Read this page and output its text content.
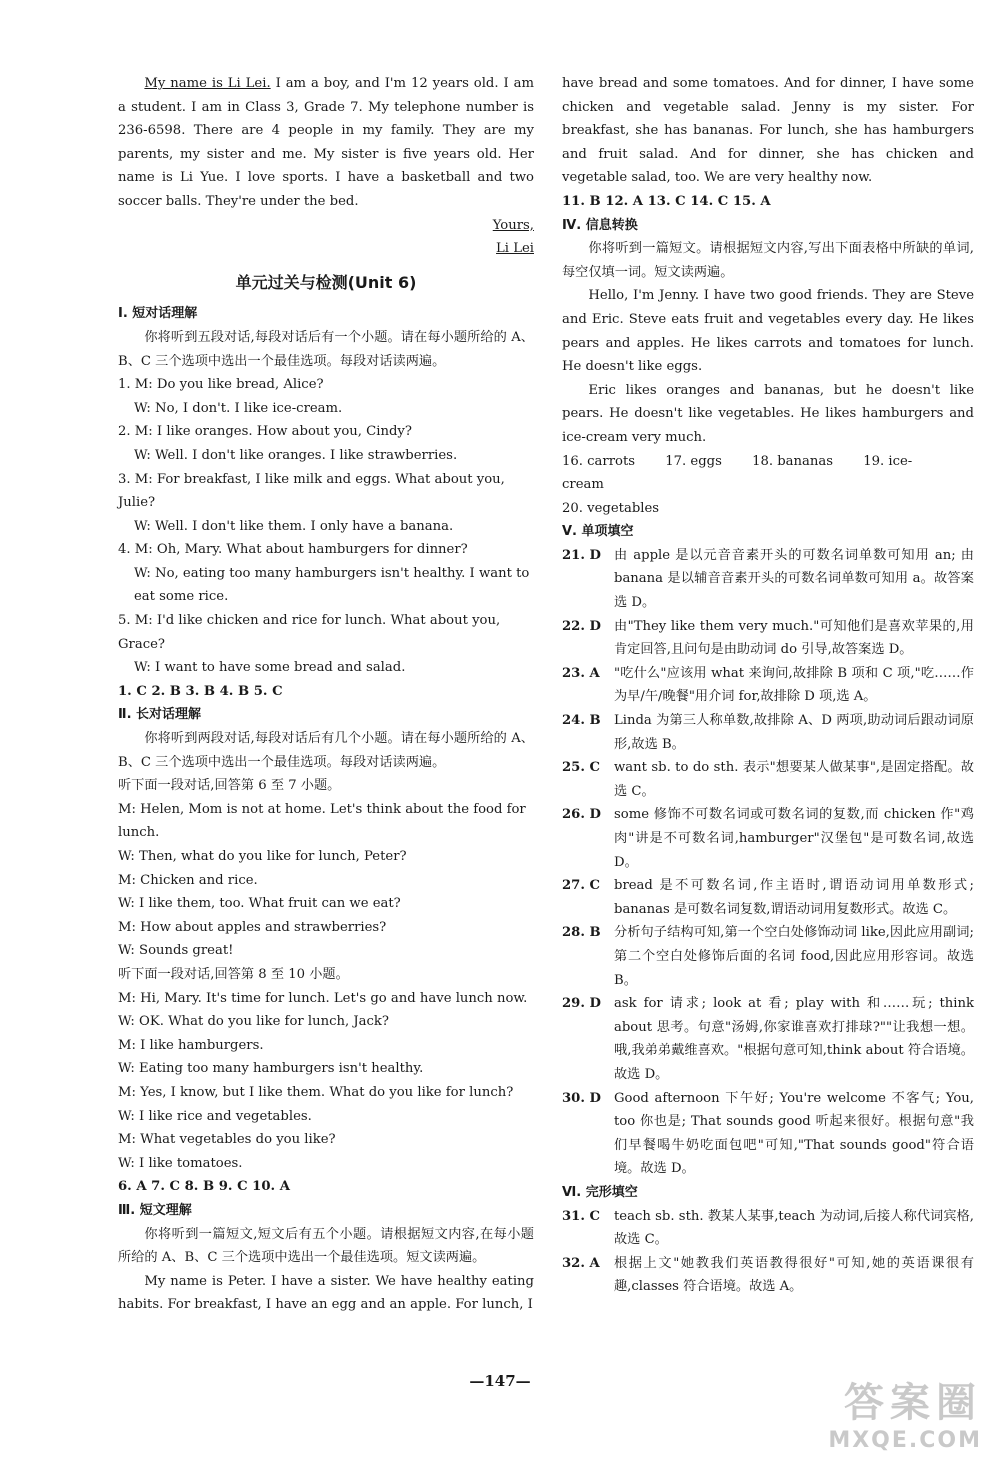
My name is Li Lei. I am a boy, and I'm 12 years old. I am a student. I am in Class 3, Grade 7. My telephone number is 236-6598. There are 4 people in my family. They are my parents, my sister and me. My sister is five years old. Her name is Li Yue. I love sports. I have a basketball and two soccer balls. They're under the bed.

Yours,

Li Lei

单元过关与检测(Unit 6)

Ⅰ. 短对话理解

你将听到五段对话,每段对话后有一个小题。请在每小题所给的 A、B、C 三个选项中选出一个最佳选项。每段对话读两遍。

1. M: Do you like bread, Alice?

W: No, I don't. I like ice-cream.

2. M: I like oranges. How about you, Cindy?

W: Well. I don't like oranges. I like strawberries.

3. M: For breakfast, I like milk and eggs. What about you, Julie?

W: Well. I don't like them. I only have a banana.

4. M: Oh, Mary. What about hamburgers for dinner?

W: No, eating too many hamburgers isn't healthy. I want to eat some rice.

5. M: I'd like chicken and rice for lunch. What about you, Grace?

W: I want to have some bread and salad.

1. C 2. B 3. B 4. B 5. C

Ⅱ. 长对话理解

你将听到两段对话,每段对话后有几个小题。请在每小题所给的 A、B、C 三个选项中选出一个最佳选项。每段对话读两遍。

听下面一段对话,回答第 6 至 7 小题。

M: Helen, Mom is not at home. Let's think about the food for lunch.

W: Then, what do you like for lunch, Peter?

M: Chicken and rice.

W: I like them, too. What fruit can we eat?

M: How about apples and strawberries?

W: Sounds great!

听下面一段对话,回答第 8 至 10 小题。

M: Hi, Mary. It's time for lunch. Let's go and have lunch now.

W: OK. What do you like for lunch, Jack?

M: I like hamburgers.

W: Eating too many hamburgers isn't healthy.

M: Yes, I know, but I like them. What do you like for lunch?

W: I like rice and vegetables.

M: What vegetables do you like?

W: I like tomatoes.

6. A 7. C 8. B 9. C 10. A

Ⅲ. 短文理解

你将听到一篇短文,短文后有五个小题。请根据短文内容,在每小题所给的 A、B、C 三个选项中选出一个最佳选项。短文读两遍。

My name is Peter. I have a sister. We have healthy eating habits. For breakfast, I have an egg and an apple. For lunch, I

have bread and some tomatoes. And for dinner, I have some chicken and vegetable salad. Jenny is my sister. For breakfast, she has bananas. For lunch, she has hamburgers and fruit salad. And for dinner, she has chicken and vegetable salad, too. We are very healthy now.

11. B 12. A 13. C 14. C 15. A

Ⅳ. 信息转换

你将听到一篇短文。请根据短文内容,写出下面表格中所缺的单词,每空仅填一词。短文读两遍。

Hello, I'm Jenny. I have two good friends. They are Steve and Eric. Steve eats fruit and vegetables every day. He likes pears and apples. He likes carrots and tomatoes for lunch. He doesn't like eggs.

Eric likes oranges and bananas, but he doesn't like pears. He doesn't like vegetables. He likes hamburgers and ice-cream very much.

16. carrots 17. eggs 18. bananas 19. ice-cream

20. vegetables

Ⅴ. 单项填空

21. D 由 apple 是以元音音素开头的可数名词单数可知用 an; 由 banana 是以辅音音素开头的可数名词单数可知用 a。故答案选 D。
22. D 由"They like them very much."可知他们是喜欢苹果的,用肯定回答,且问句是由助动词 do 引导,故答案选 D。
23. A	"吃什么"应该用 what 来询问,故排除 B 项和 C 项,"吃……作为早/午/晚餐"用介词 for,故排除 D 项,选 A。
24. B	Linda 为第三人称单数,故排除 A、D 两项,助动词后跟动词原形,故选 B。
25. C	want sb. to do sth. 表示"想要某人做某事",是固定搭配。故选 C。
26. D some 修饰不可数名词或可数名词的复数,而 chicken 作"鸡肉"讲是不可数名词,hamburger"汉堡包"是可数名词,故选 D。
27. C	bread 是不可数名词,作主语时,谓语动词用单数形式; bananas 是可数名词复数,谓语动词用复数形式。故选 C。
28. B	分析句子结构可知,第一个空白处修饰动词 like,因此应用副词;第二个空白处修饰后面的名词 food,因此应用形容词。故选 B。
29. D ask for 请求; look at 看; play with 和……玩; think about 思考。句意"汤姆,你家谁喜欢打排球?""让我想一想。哦,我弟弟戴维喜欢。"根据句意可知,think about 符合语境。故选 D。
30. D Good afternoon 下午好; You're welcome 不客气; You, too 你也是; That sounds good 听起来很好。根据句意"我们早餐喝牛奶吃面包吧"可知,"That sounds good"符合语境。故选 D。

Ⅵ. 完形填空

31. C	teach sb. sth. 教某人某事,teach 为动词,后接人称代词宾格,故选 C。
32. A	根据上文"她教我们英语教得很好"可知,她的英语课很有趣,classes 符合语境。故选 A。
—147—	答案圈
MXQE.COM
